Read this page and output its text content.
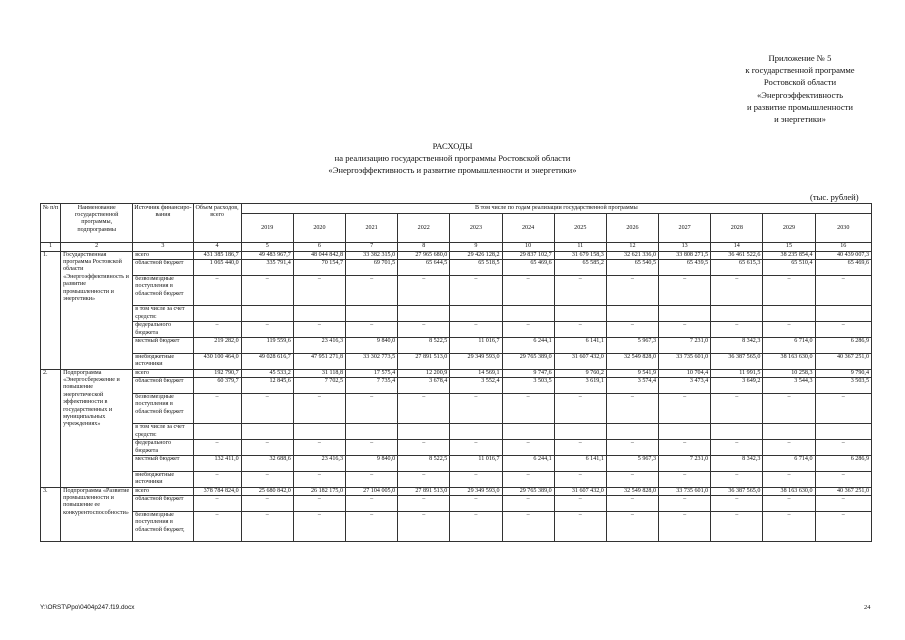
Приложение № 5
к государственной программе
Ростовской области
«Энергоэффективность
и развитие промышленности
и энергетики»
РАСХОДЫ
на реализацию государственной программы Ростовской области
«Энергоэффективность и развитие промышленности и энергетики»
(тыс. рублей)
№ п/п	Наименование государственной программы, подпрограммы	Источник финансиро-вания	Объем расходов, всего	В том числе по годам реализации государственной программы											
				2019	2020	2021	2022	2023	2024	2025	2026	2027	2028	2029	2030
1	2	3	4	5	6	7	8	9	10	11	12	13	14	15	16
1.	Государственная программа Ростовской области «Энергоэффективность и развитие промышленности и энергетики»	всего	431 385 186,7	49 483 967,7	48 044 842,8	33 382 315,0	27 965 680,0	29 426 128,2	29 837 102,7	31 679 158,3	32 621 336,0	33 808 271,5	36 461 522,6	38 235 854,4	40 439 007,3
		областной бюджет	1 065 440,0	335 791,4	70 154,7	69 701,5	65 644,5	65 518,5	65 469,6	65 585,2	65 540,5	65 439,5	65 615,3	65 510,4	65 469,6
		безвозмездные поступления в областной бюджет	–	–	–	–	–	–	–	–	–	–	–	–	–
		в том числе за счет средств:													
		федерального бюджета	–	–	–	–	–	–	–	–	–	–	–	–	–
		местный бюджет	219 282,0	119 559,6	23 416,3	9 840,0	8 522,5	11 016,7	6 244,1	6 141,1	5 967,3	7 231,0	8 342,3	6 714,0	6 286,9
		внебюджетные источники	430 100 464,0	49 028 616,7	47 951 271,8	33 302 773,5	27 891 513,0	29 349 593,0	29 765 389,0	31 607 432,0	32 549 828,0	33 735 601,0	36 387 565,0	38 163 630,0	40 367 251,0
2.	Подпрограмма «Энергосбережение и повышение энергетической эффективности в государственных и муниципальных учреждениях»	всего	192 790,7	45 533,2	31 118,8	17 575,4	12 200,9	14 569,1	9 747,6	9 760,2	9 541,9	10 704,4	11 991,5	10 258,3	9 790,4
		областной бюджет	60 379,7	12 845,6	7 702,5	7 735,4	3 678,4	3 552,4	3 503,5	3 619,1	3 574,4	3 473,4	3 649,2	3 544,3	3 503,5
		безвозмездные поступления в областной бюджет	–	–	–	–	–	–	–	–	–	–	–	–	–
		в том числе за счет средств:													
		федерального бюджета	–	–	–	–	–	–	–	–	–	–	–	–	–
		местный бюджет	132 411,0	32 688,6	23 416,3	9 840,0	8 522,5	11 016,7	6 244,1	6 141,1	5 967,3	7 231,0	8 342,3	6 714,0	6 286,9
		внебюджетные источники	–	–	–	–	–	–	–	–	–	–	–	–	–
3.	Подпрограмма «Развитие промышленности и повышение ее конкурентоспособности»	всего	378 784 824,0	25 680 842,0	26 182 175,0	27 104 005,0	27 891 513,0	29 349 593,0	29 765 389,0	31 607 432,0	32 549 828,0	33 735 601,0	36 387 565,0	38 163 630,0	40 367 251,0
		областной бюджет	–	–	–	–	–	–	–	–	–	–	–	–	–
		безвозмездные поступления в областной бюджет,	–	–	–	–	–	–	–	–	–	–	–	–	–
Y:\ORST\Ppo\0404p247.f19.docx	24
